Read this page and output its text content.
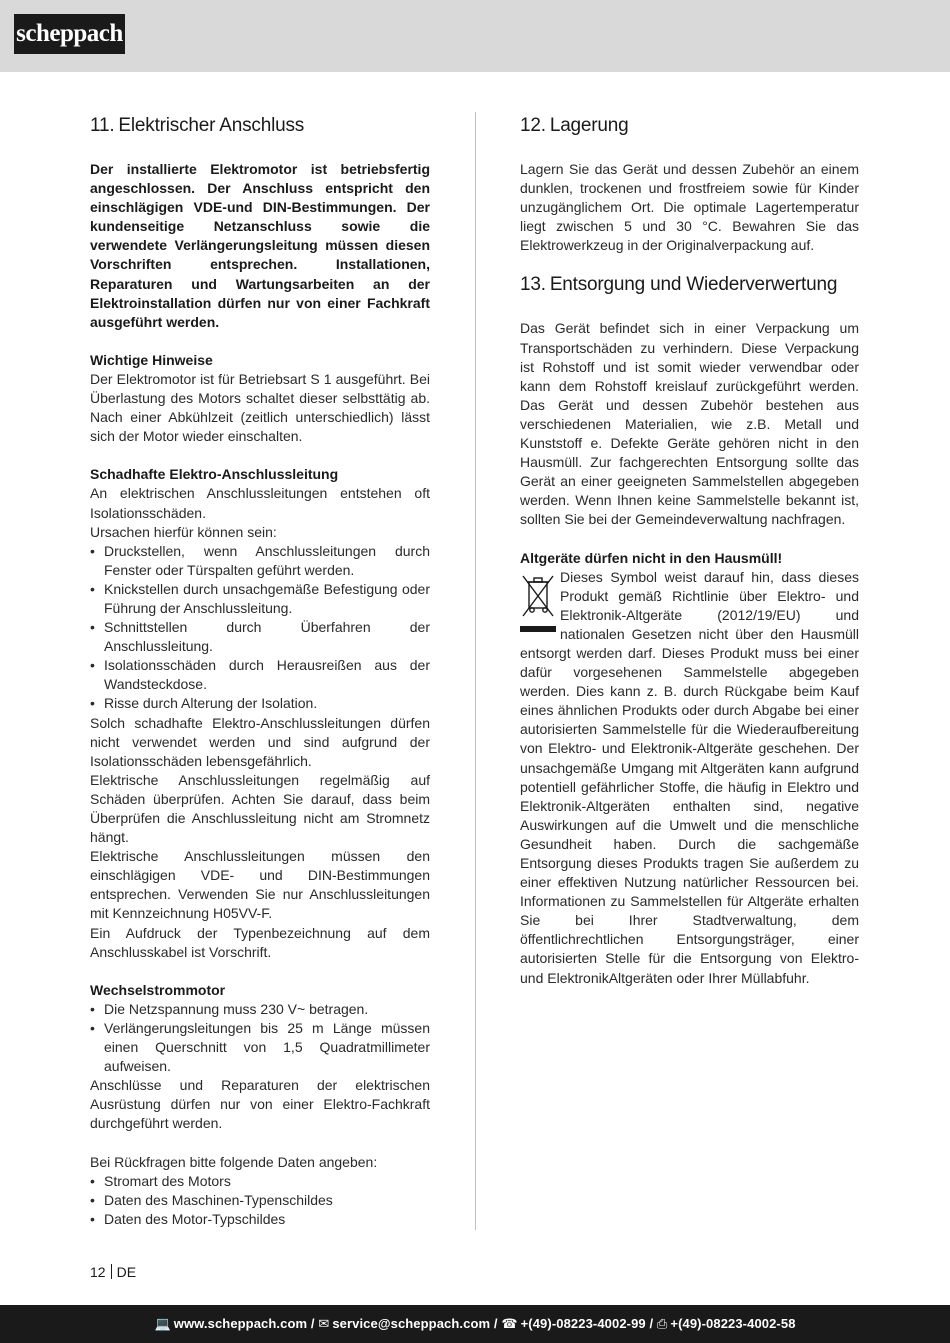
scheppach
11. Elektrischer Anschluss

Der installierte Elektromotor ist betriebsfertig angeschlossen. Der Anschluss entspricht den einschlägigen VDE-und DIN-Bestimmungen. Der kundenseitige Netzanschluss sowie die verwendete Verlängerungsleitung müssen diesen Vorschriften entsprechen. Installationen, Reparaturen und Wartungsarbeiten an der Elektroinstallation dürfen nur von einer Fachkraft ausgeführt werden.

Wichtige Hinweise

Der Elektromotor ist für Betriebsart S 1 ausgeführt. Bei Überlastung des Motors schaltet dieser selbsttätig ab. Nach einer Abkühlzeit (zeitlich unterschiedlich) lässt sich der Motor wieder einschalten.

Schadhafte Elektro-Anschlussleitung

An elektrischen Anschlussleitungen entstehen oft Isolationsschäden.

Ursachen hierfür können sein:

• Druckstellen, wenn Anschlussleitungen durch Fenster oder Türspalten geführt werden.
• Knickstellen durch unsachgemäße Befestigung oder Führung der Anschlussleitung.
• Schnittstellen durch Überfahren der Anschlussleitung.
• Isolationsschäden durch Herausreißen aus der Wandsteckdose.
• Risse durch Alterung der Isolation.

Solch schadhafte Elektro-Anschlussleitungen dürfen nicht verwendet werden und sind aufgrund der Isolationsschäden lebensgefährlich.

Elektrische Anschlussleitungen regelmäßig auf Schäden überprüfen. Achten Sie darauf, dass beim Überprüfen die Anschlussleitung nicht am Stromnetz hängt.

Elektrische Anschlussleitungen müssen den einschlägigen VDE- und DIN-Bestimmungen entsprechen. Verwenden Sie nur Anschlussleitungen mit Kennzeichnung H05VV-F.

Ein Aufdruck der Typenbezeichnung auf dem Anschlusskabel ist Vorschrift.

Wechselstrommotor

• Die Netzspannung muss 230 V~ betragen.
• Verlängerungsleitungen bis 25 m Länge müssen einen Querschnitt von 1,5 Quadratmillimeter aufweisen.

Anschlüsse und Reparaturen der elektrischen Ausrüstung dürfen nur von einer Elektro-Fachkraft durchgeführt werden.

Bei Rückfragen bitte folgende Daten angeben:

• Stromart des Motors
• Daten des Maschinen-Typenschildes
• Daten des Motor-Typschildes
12. Lagerung

Lagern Sie das Gerät und dessen Zubehör an einem dunklen, trockenen und frostfreiem sowie für Kinder unzugänglichem Ort. Die optimale Lagertemperatur liegt zwischen 5 und 30 °C. Bewahren Sie das Elektrowerkzeug in der Originalverpackung auf.

13. Entsorgung und Wiederverwertung

Das Gerät befindet sich in einer Verpackung um Transportschäden zu verhindern. Diese Verpackung ist Rohstoff und ist somit wieder verwendbar oder kann dem Rohstoff kreislauf zurückgeführt werden. Das Gerät und dessen Zubehör bestehen aus verschiedenen Materialien, wie z.B. Metall und Kunststoff e. Defekte Geräte gehören nicht in den Hausmüll. Zur fachgerechten Entsorgung sollte das Gerät an einer geeigneten Sammelstellen abgegeben werden. Wenn Ihnen keine Sammelstelle bekannt ist, sollten Sie bei der Gemeindeverwaltung nachfragen.

Altgeräte dürfen nicht in den Hausmüll!

Dieses Symbol weist darauf hin, dass dieses Produkt gemäß Richtlinie über Elektro- und Elektronik-Altgeräte (2012/19/EU) und nationalen Gesetzen nicht über den Hausmüll entsorgt werden darf. Dieses Produkt muss bei einer dafür vorgesehenen Sammelstelle abgegeben werden. Dies kann z. B. durch Rückgabe beim Kauf eines ähnlichen Produkts oder durch Abgabe bei einer autorisierten Sammelstelle für die Wiederaufbereitung von Elektro- und Elektronik-Altgeräte geschehen. Der unsachgemäße Umgang mit Altgeräten kann aufgrund potentiell gefährlicher Stoffe, die häufig in Elektro und Elektronik-Altgeräten enthalten sind, negative Auswirkungen auf die Umwelt und die menschliche Gesundheit haben. Durch die sachgemäße Entsorgung dieses Produkts tragen Sie außerdem zu einer effektiven Nutzung natürlicher Ressourcen bei. Informationen zu Sammelstellen für Altgeräte erhalten Sie bei Ihrer Stadtverwaltung, dem öffentlichrechtlichen Entsorgungsträger, einer autorisierten Stelle für die Entsorgung von Elektro- und ElektronikAltgeräten oder Ihrer Müllabfuhr.

12 DE
💻 www.scheppach.com / ✉ service@scheppach.com / ☎ +(49)-08223-4002-99 / ⎙ +(49)-08223-4002-58
